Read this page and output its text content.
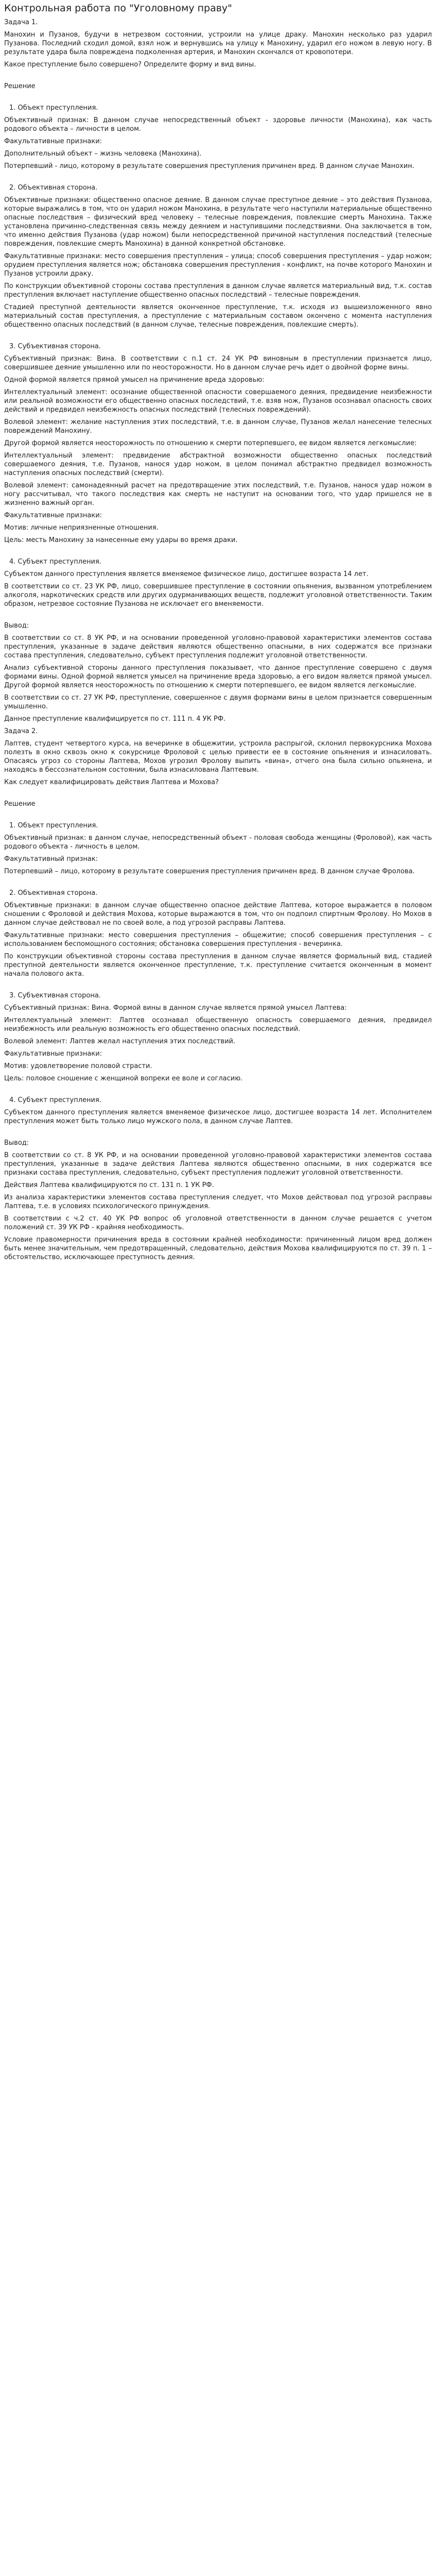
Контрольная работа по "Уголовному праву"

Задача 1.

Манохин и Пузанов, будучи в нетрезвом состоянии, устроили на улице драку. Манохин несколько раз ударил Пузанова. Последний сходил домой, взял нож и вернувшись на улицу к Манохину, ударил его ножом в левую ногу. В результате удара была повреждена подколенная артерия, и Манохин скончался от кровопотери.

Какое преступление было совершено? Определите форму и вид вины.

Решение

1. Объект преступления.

Объективный признак: В данном случае непосредственный объект - здоровье личности (Манохина), как часть родового объекта – личности в целом.

Факультативные признаки:

Дополнительный объект – жизнь человека (Манохина).

Потерпевший - лицо, которому в результате совершения преступления причинен вред. В данном случае Манохин.

2. Объективная сторона.

Объективные признаки: общественно опасное деяние. В данном случае преступное деяние – это действия Пузанова, которые выражались в том, что он ударил ножом Манохина, в результате чего наступили материальные общественно опасные последствия – физический вред человеку – телесные повреждения, повлекшие смерть Манохина. Также установлена причинно-следственная связь между деянием и наступившими последствиями. Она заключается в том, что именно действия Пузанова (удар ножом) были непосредственной причиной наступления последствий (телесные повреждения, повлекшие смерть Манохина) в данной конкретной обстановке.

Факультативные признаки: место совершения преступления – улица; способ совершения преступления – удар ножом; орудием преступления является нож; обстановка совершения преступления - конфликт, на почве которого Манохин и Пузанов устроили драку.

По конструкции объективной стороны состава преступления в данном случае является материальный вид, т.к. состав преступления включает наступление общественно опасных последствий – телесные повреждения.

Стадией преступной деятельности является оконченное преступление, т.к. исходя из вышеизложенного явно материальный состав преступления, а преступление с материальным составом окончено с момента наступления общественно опасных последствий (в данном случае, телесные повреждения, повлекшие смерть).

3. Субъективная сторона.

Субъективный признак: Вина. В соответствии с п.1 ст. 24 УК РФ виновным в преступлении признается лицо, совершившее деяние умышленно или по неосторожности. Но в данном случае речь идет о двойной форме вины.

Одной формой является прямой умысел на причинение вреда здоровью:

Интеллектуальный элемент: осознание общественной опасности совершаемого деяния, предвидение неизбежности или реальной возможности его общественно опасных последствий, т.е. взяв нож, Пузанов осознавал опасность своих действий и предвидел неизбежность опасных последствий (телесных повреждений).

Волевой элемент: желание наступления этих последствий, т.е. в данном случае, Пузанов желал нанесение телесных повреждений Манохину.

Другой формой является неосторожность по отношению к смерти потерпевшего, ее видом является легкомыслие:

Интеллектуальный элемент: предвидение абстрактной возможности общественно опасных последствий совершаемого деяния, т.е. Пузанов, нанося удар ножом, в целом понимал абстрактно предвидел возможность наступления опасных последствий (смерти).

Волевой элемент: самонадеянный расчет на предотвращение этих последствий, т.е. Пузанов, нанося удар ножом в ногу рассчитывал, что такого последствия как смерть не наступит на основании того, что удар пришелся не в жизненно важный орган.

Факультативные признаки:

Мотив: личные неприязненные отношения.

Цель: месть Манохину за нанесенные ему удары во время драки.

4. Субъект преступления.

Субъектом данного преступления является вменяемое физическое лицо, достигшее возраста 14 лет.

В соответствии со ст. 23 УК РФ, лицо, совершившее преступление в состоянии опьянения, вызванном употреблением алкоголя, наркотических средств или других одурманивающих веществ, подлежит уголовной ответственности. Таким образом, нетрезвое состояние Пузанова не исключает его вменяемости.

Вывод:

В соответствии со ст. 8 УК РФ, и на основании проведенной уголовно-правовой характеристики элементов состава преступления, указанные в задаче действия являются общественно опасными, в них содержатся все признаки состава преступления, следовательно, субъект преступления подлежит уголовной ответственности.

Анализ субъективной стороны данного преступления показывает, что данное преступление совершено с двумя формами вины. Одной формой является умысел на причинение вреда здоровью, а его видом является прямой умысел. Другой формой является неосторожность по отношению к смерти потерпевшего, ее видом является легкомыслие.

В соответствии со ст. 27 УК РФ, преступление, совершенное с двумя формами вины в целом признается совершенным умышленно.

Данное преступление квалифицируется по ст. 111 п. 4 УК РФ.

Задача 2.

Лаптев, студент четвертого курса, на вечеринке в общежитии, устроила распрыгой, склонил первокурсника Мохова полезть в окно сквозь окно к сокурснице Фроловой с целью привести ее в состояние опьянения и изнасиловать. Опасаясь угроз со стороны Лаптева, Мохов угрозил Фролову выпить «вина», отчего она была сильно опьянена, и находясь в бессознательном состоянии, была изнасилована Лаптевым.

Как следует квалифицировать действия Лаптева и Мохова?

Решение

1. Объект преступления.

Объективный признак: в данном случае, непосредственный объект - половая свобода женщины (Фроловой), как часть родового объекта - личность в целом.

Факультативный признак:

Потерпевший – лицо, которому в результате совершения преступления причинен вред. В данном случае Фролова.

2. Объективная сторона.

Объективные признаки: в данном случае общественно опасное действие Лаптева, которое выражается в половом сношении с Фроловой и действия Мохова, которые выражаются в том, что он подпоил спиртным Фролову. Но Мохов в данном случае действовал не по своей воле, а под угрозой расправы Лаптева.

Факультативные признаки: место совершения преступления – общежитие; способ совершения преступления – с использованием беспомощного состояния; обстановка совершения преступления - вечеринка.

По конструкции объективной стороны состава преступления в данном случае является формальный вид, стадией преступной деятельности является оконченное преступление, т.к. преступление считается оконченным в момент начала полового акта.

3. Субъективная сторона.

Субъективный признак: Вина. Формой вины в данном случае является прямой умысел Лаптева:

Интеллектуальный элемент: Лаптев осознавал общественную опасность совершаемого деяния, предвидел неизбежность или реальную возможность его общественно опасных последствий.

Волевой элемент: Лаптев желал наступления этих последствий.

Факультативные признаки:

Мотив: удовлетворение половой страсти.

Цель: половое сношение с женщиной вопреки ее воле и согласию.

4. Субъект преступления.

Субъектом данного преступления является вменяемое физическое лицо, достигшее возраста 14 лет. Исполнителем преступления может быть только лицо мужского пола, в данном случае Лаптев.

Вывод:

В соответствии со ст. 8 УК РФ, и на основании проведенной уголовно-правовой характеристики элементов состава преступления, указанные в задаче действия Лаптева являются общественно опасными, в них содержатся все признаки состава преступления, следовательно, субъект преступления подлежит уголовной ответственности.

Действия Лаптева квалифицируются по ст. 131 п. 1 УК РФ.

Из анализа характеристики элементов состава преступления следует, что Мохов действовал под угрозой расправы Лаптева, т.е. в условиях психологического принуждения.

В соответствии с ч.2 ст. 40 УК РФ вопрос об уголовной ответственности в данном случае решается с учетом положений ст. 39 УК РФ - крайняя необходимость.

Условие правомерности причинения вреда в состоянии крайней необходимости: причиненный лицом вред должен быть менее значительным, чем предотвращенный, следовательно, действия Мохова квалифицируются по ст. 39 п. 1 – обстоятельство, исключающее преступность деяния.
